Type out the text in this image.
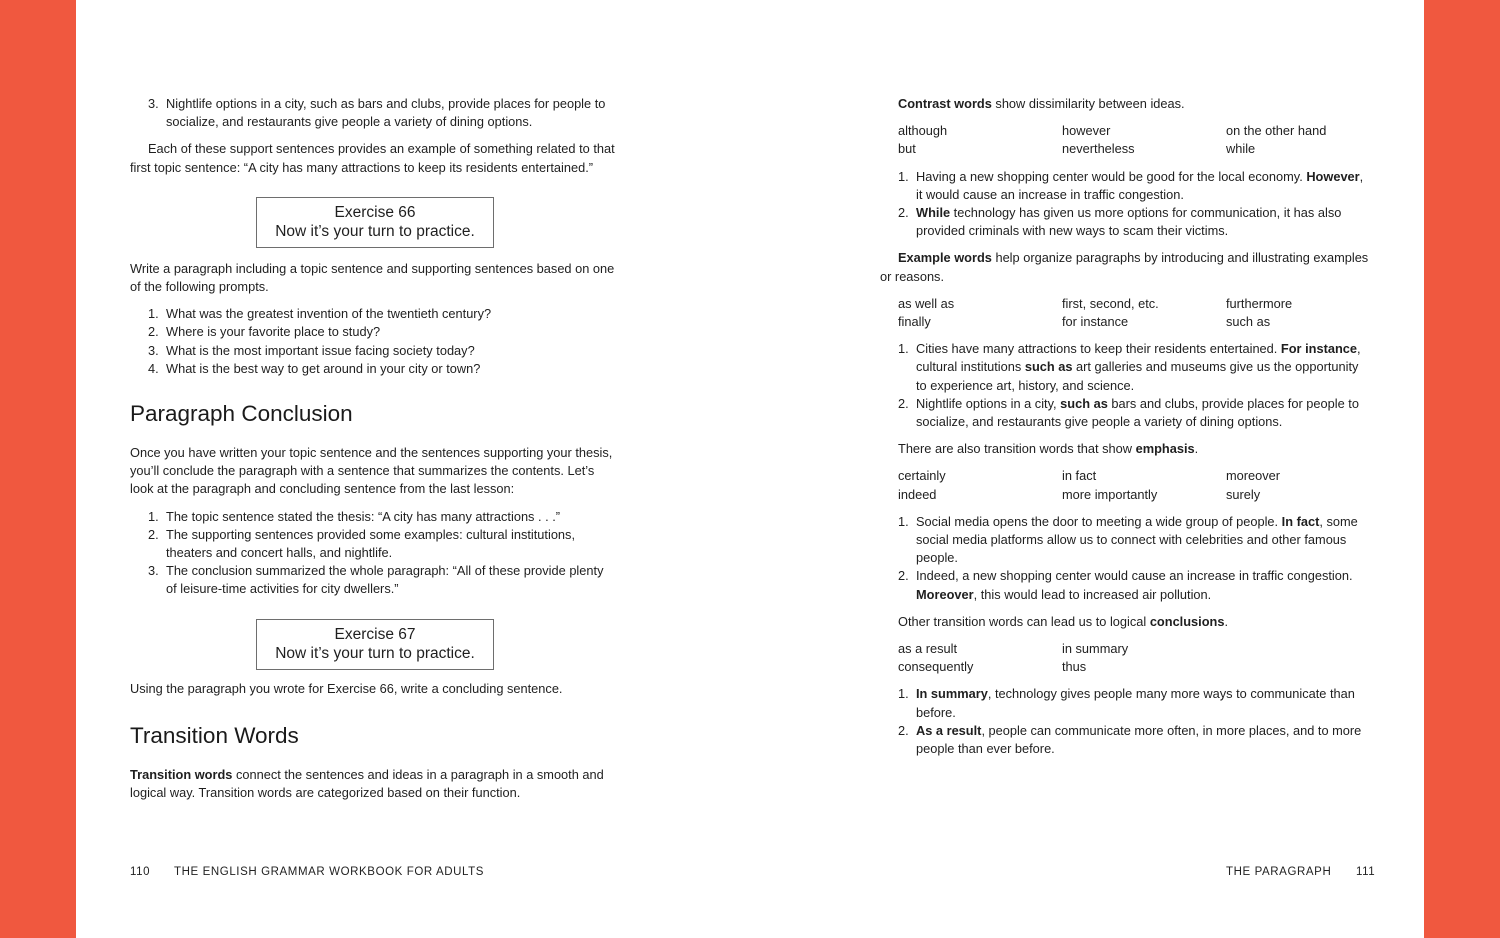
3. Nightlife options in a city, such as bars and clubs, provide places for people to socialize, and restaurants give people a variety of dining options.

Each of these support sentences provides an example of something related to that first topic sentence: “A city has many attractions to keep its residents entertained.”

Exercise 66
Now it’s your turn to practice.

Write a paragraph including a topic sentence and supporting sentences based on one of the following prompts.

1. What was the greatest invention of the twentieth century?
2. Where is your favorite place to study?
3. What is the most important issue facing society today?
4. What is the best way to get around in your city or town?
Paragraph Conclusion

Once you have written your topic sentence and the sentences supporting your thesis, you’ll conclude the paragraph with a sentence that summarizes the contents. Let’s look at the paragraph and concluding sentence from the last lesson:

1. The topic sentence stated the thesis: “A city has many attractions . . .”
2. The supporting sentences provided some examples: cultural institutions, theaters and concert halls, and nightlife.
3. The conclusion summarized the whole paragraph: “All of these provide plenty of leisure-time activities for city dwellers.”
Exercise 67
Now it’s your turn to practice.

Using the paragraph you wrote for Exercise 66, write a concluding sentence.

Transition Words

Transition words connect the sentences and ideas in a paragraph in a smooth and logical way. Transition words are categorized based on their function.

Contrast words show dissimilarity between ideas.

although	however	on the other hand
but	nevertheless	while
1. Having a new shopping center would be good for the local economy. However, it would cause an increase in traffic congestion.
2. While technology has given us more options for communication, it has also provided criminals with new ways to scam their victims.

Example words help organize paragraphs by introducing and illustrating examples or reasons.

as well as	first, second, etc.	furthermore
finally	for instance	such as
1. Cities have many attractions to keep their residents entertained. For instance, cultural institutions such as art galleries and museums give us the opportunity to experience art, history, and science.
2. Nightlife options in a city, such as bars and clubs, provide places for people to socialize, and restaurants give people a variety of dining options.

There are also transition words that show emphasis.

certainly	in fact	moreover
indeed	more importantly	surely
1. Social media opens the door to meeting a wide group of people. In fact, some social media platforms allow us to connect with celebrities and other famous people.
2. Indeed, a new shopping center would cause an increase in traffic congestion. Moreover, this would lead to increased air pollution.

Other transition words can lead us to logical conclusions.

as a result	in summary
consequently	thus
1. In summary, technology gives people many more ways to communicate than before.
2. As a result, people can communicate more often, in more places, and to more people than ever before.
110 THE ENGLISH GRAMMAR WORKBOOK FOR ADULTS	THE PARAGRAPH 111
